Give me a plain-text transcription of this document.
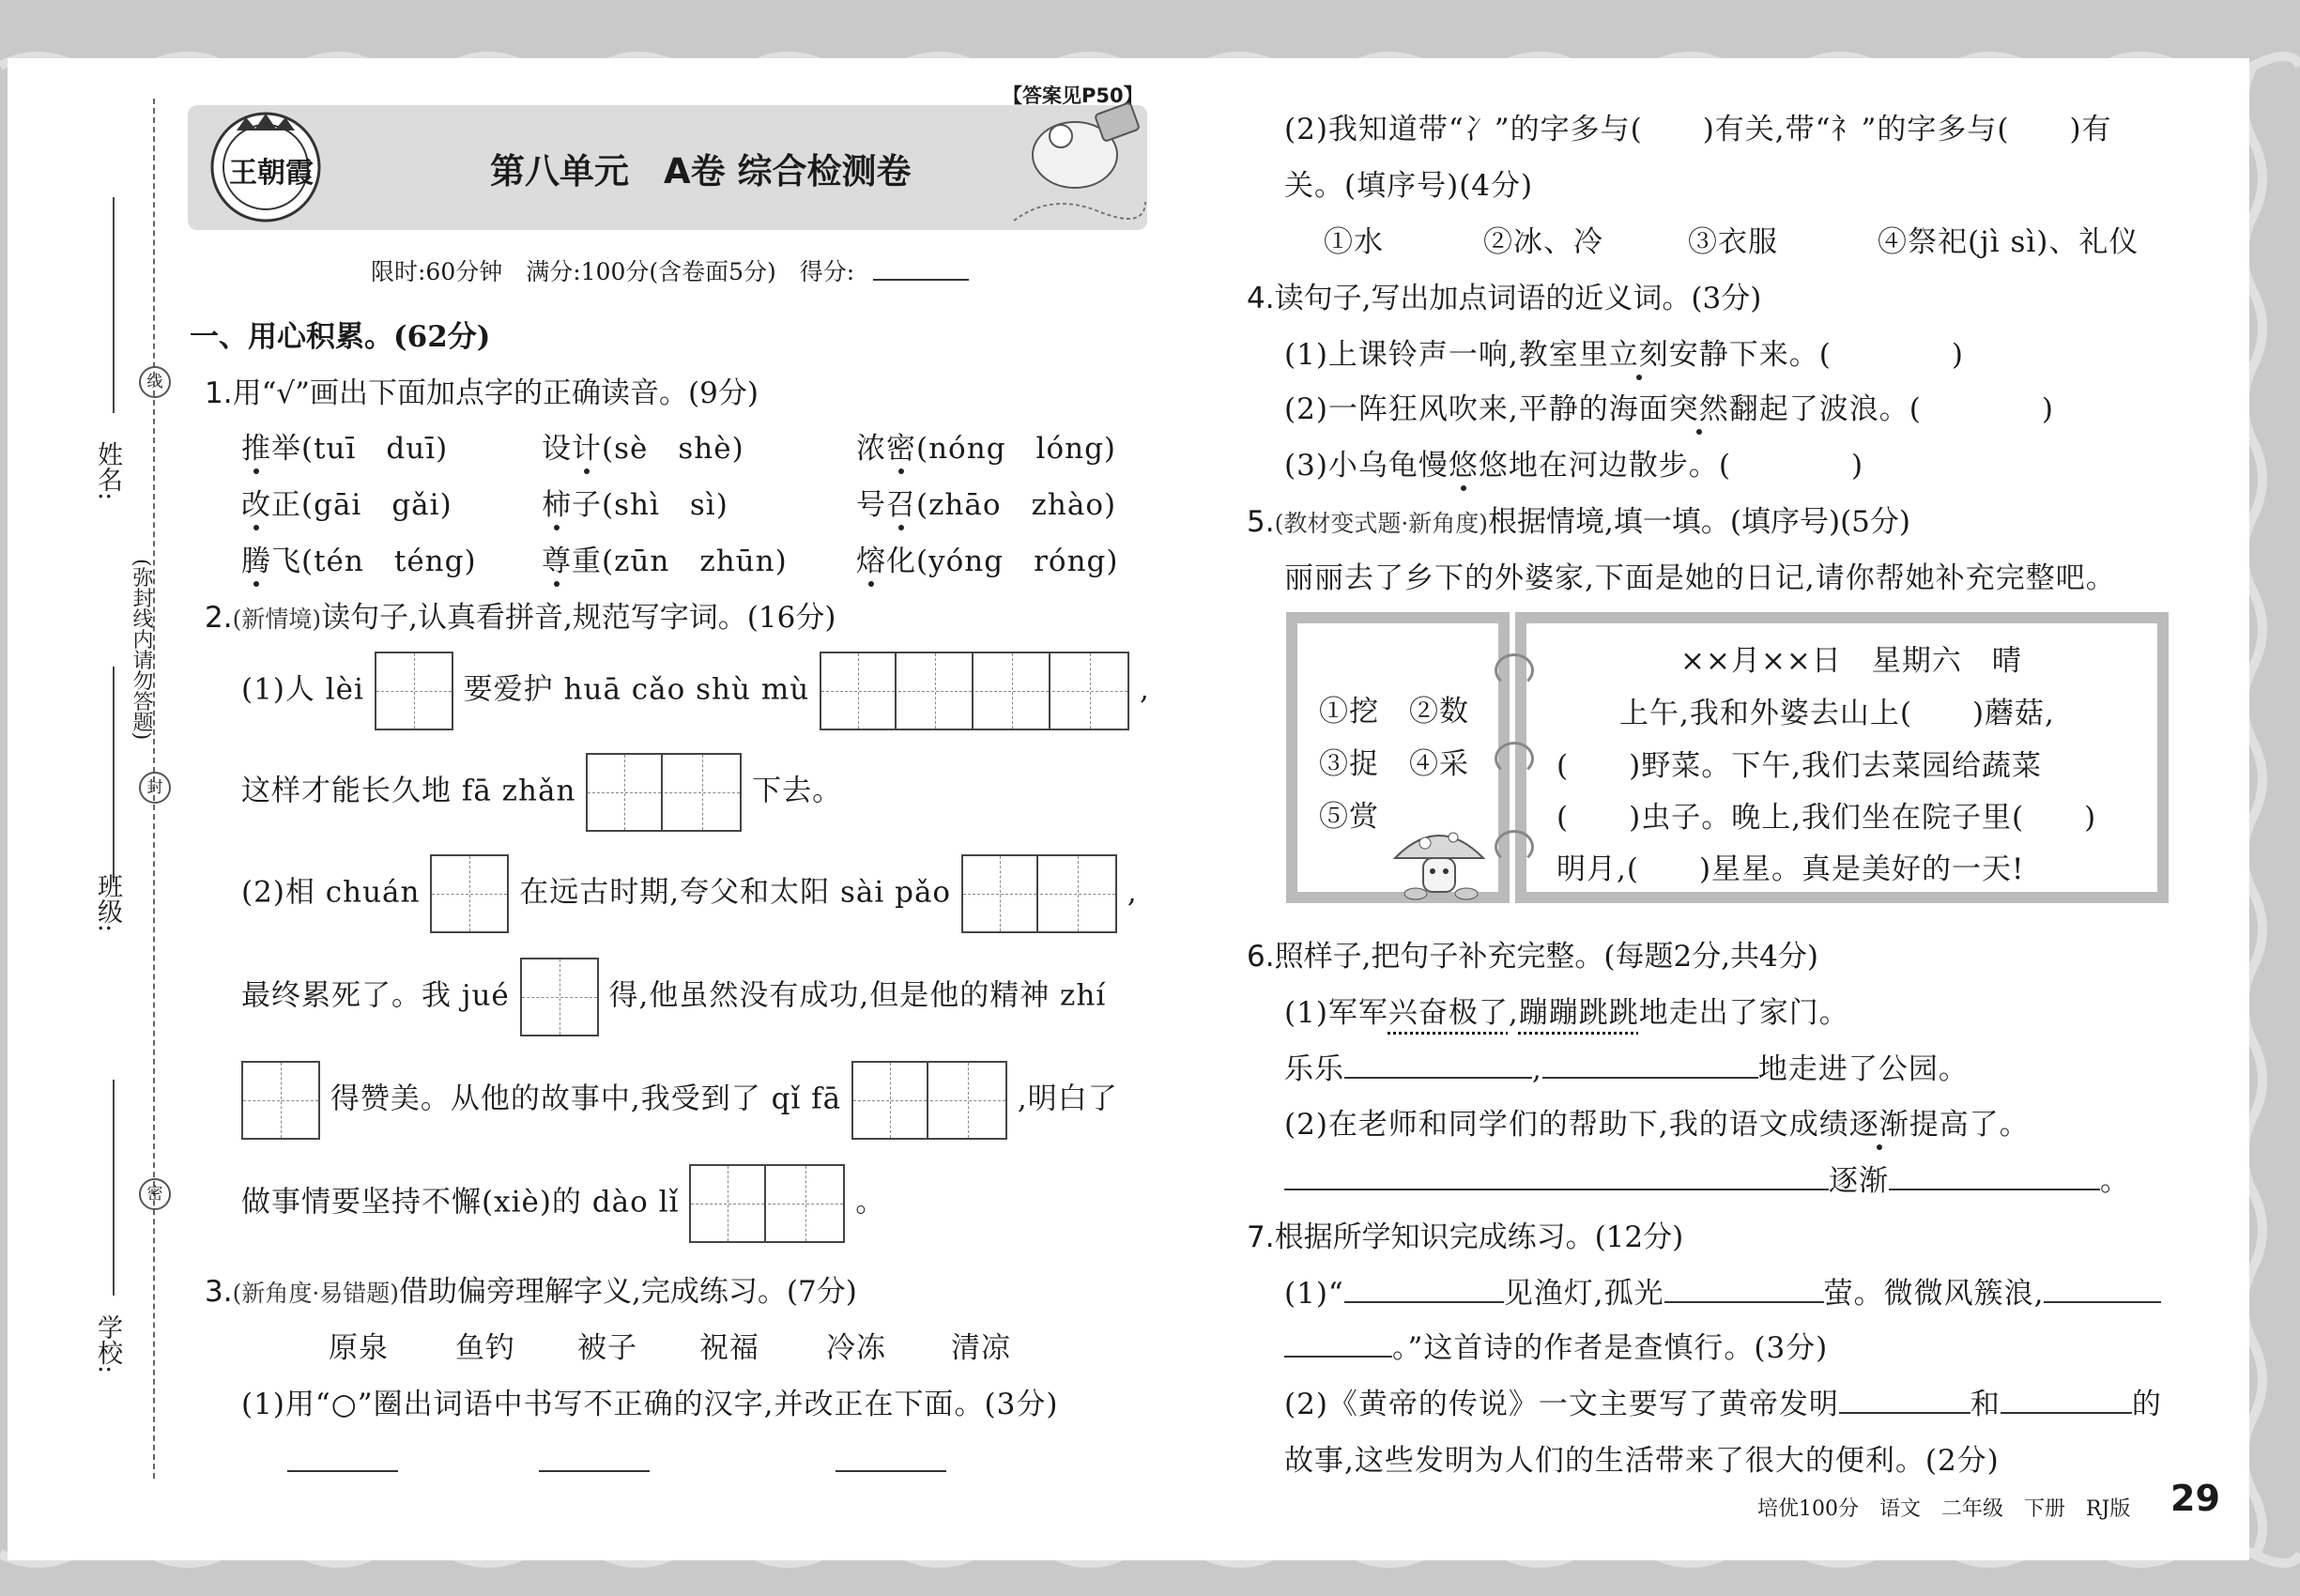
姓名:
班级:
学校:
(弥封线内请勿答题)
线
封
密
王朝霞
【答案见P50】
第八单元　A卷 综合检测卷
限时:60分钟　满分:100分(含卷面5分)　得分:
一、用心积累。(62分)
1.用“√”画出下面加点字的正确读音。(9分)
推举(tuī　duī)	设计(sè　shè)	浓密(nóng　lóng)
改正(gāi　gǎi)	柿子(shì　sì)	号召(zhāo　zhào)
腾飞(tén　téng) 尊重(zūn　zhūn) 熔化(yóng　róng)
2.(新情境)读句子,认真看拼音,规范写字词。(16分)
(1)人 lèi	要爱护 huā cǎo shù mù	,
这样才能长久地 fā zhǎn	下去。
(2)相 chuán	在远古时期,夸父和太阳 sài pǎo	,
最终累死了。我 jué	得,他虽然没有成功,但是他的精神 zhí
得赞美。从他的故事中,我受到了 qǐ fā	,明白了
做事情要坚持不懈(xiè)的 dào lǐ	。
3.(新角度·易错题)借助偏旁理解字义,完成练习。(7分)
原泉 鱼钓 被子 祝福 冷冻 清凉
(1)用“○”圈出词语中书写不正确的汉字,并改正在下面。(3分)
(2)我知道带“冫”的字多与(　　)有关,带“礻”的字多与(　　)有
关。(填序号)(4分)
①水	②冰、冷	③衣服	④祭祀(jì sì)、礼仪
4.读句子,写出加点词语的近义词。(3分)
(1)上课铃声一响,教室里立刻安静下来。(　　　　)
(2)一阵狂风吹来,平静的海面突然翻起了波浪。(　　　　)
(3)小乌龟慢悠悠地在河边散步。(　　　　)
5.(教材变式题·新角度)根据情境,填一填。(填序号)(5分)
丽丽去了乡下的外婆家,下面是她的日记,请你帮她补充完整吧。
①挖　②数
③捉　④采
⑤赏
××月××日　星期六　晴
上午,我和外婆去山上(　　)蘑菇,
(　　)野菜。下午,我们去菜园给蔬菜
(　　)虫子。晚上,我们坐在院子里(　　)
明月,(　　)星星。真是美好的一天!
6.照样子,把句子补充完整。(每题2分,共4分)
(1)军军兴奋极了,蹦蹦跳跳地走出了家门。
乐乐	,	地走进了公园。
(2)在老师和同学们的帮助下,我的语文成绩逐渐提高了。
逐渐	。
7.根据所学知识完成练习。(12分)
(1)“	见渔灯,孤光	萤。微微风簇浪,
。”这首诗的作者是查慎行。(3分)
(2)《黄帝的传说》一文主要写了黄帝发明	和	的
故事,这些发明为人们的生活带来了很大的便利。(2分)
培优100分　语文　二年级　下册　RJ版 29
